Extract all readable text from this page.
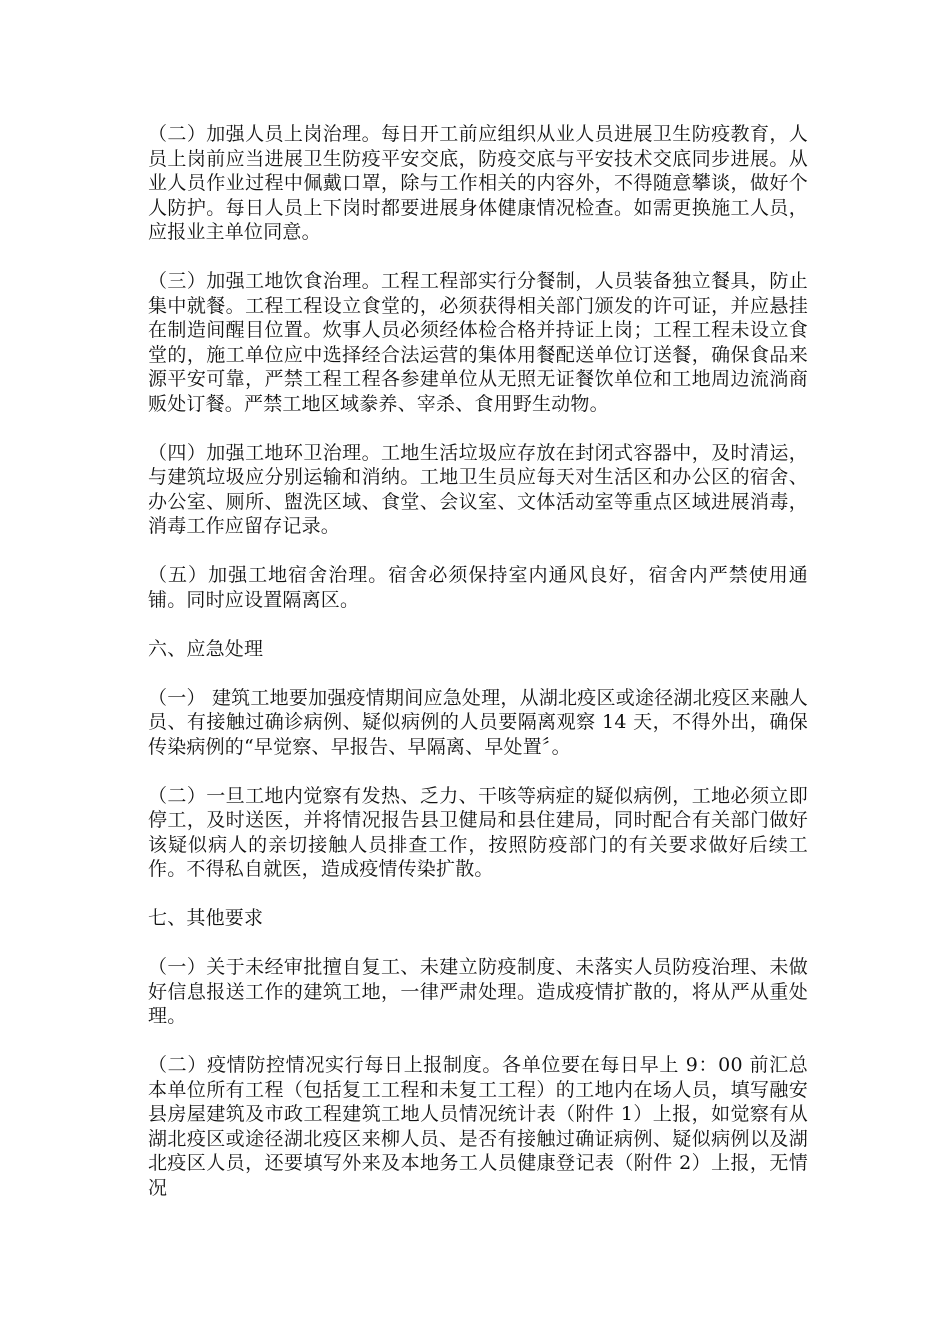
（二）加强人员上岗治理。每日开工前应组织从业人员进展卫生防疫教育，人员上岗前应当进展卫生防疫平安交底，防疫交底与平安技术交底同步进展。从业人员作业过程中佩戴口罩，除与工作相关的内容外，不得随意攀谈，做好个人防护。每日人员上下岗时都要进展身体健康情况检查。如需更换施工人员，应报业主单位同意。

（三）加强工地饮食治理。工程工程部实行分餐制，人员装备独立餐具，防止集中就餐。工程工程设立食堂的，必须获得相关部门颁发的许可证，并应悬挂在制造间醒目位置。炊事人员必须经体检合格并持证上岗；工程工程未设立食堂的，施工单位应中选择经合法运营的集体用餐配送单位订送餐，确保食品来源平安可靠，严禁工程工程各参建单位从无照无证餐饮单位和工地周边流淌商贩处订餐。严禁工地区域豢养、宰杀、食用野生动物。

（四）加强工地环卫治理。工地生活垃圾应存放在封闭式容器中，及时清运，与建筑垃圾应分别运输和消纳。工地卫生员应每天对生活区和办公区的宿舍、办公室、厕所、盥洗区域、食堂、会议室、文体活动室等重点区域进展消毒，消毒工作应留存记录。

（五）加强工地宿舍治理。宿舍必须保持室内通风良好，宿舍内严禁使用通铺。同时应设置隔离区。

六、应急处理

（一） 建筑工地要加强疫情期间应急处理，从湖北疫区或途径湖北疫区来融人员、有接触过确诊病例、疑似病例的人员要隔离观察 14 天，不得外出，确保传染病例的“早觉察、早报告、早隔离、早处置〞。

（二）一旦工地内觉察有发热、乏力、干咳等病症的疑似病例，工地必须立即停工，及时送医，并将情况报告县卫健局和县住建局，同时配合有关部门做好该疑似病人的亲切接触人员排查工作，按照防疫部门的有关要求做好后续工作。不得私自就医，造成疫情传染扩散。

七、其他要求

（一）关于未经审批擅自复工、未建立防疫制度、未落实人员防疫治理、未做好信息报送工作的建筑工地，一律严肃处理。造成疫情扩散的，将从严从重处理。

（二）疫情防控情况实行每日上报制度。各单位要在每日早上 9：00 前汇总本单位所有工程（包括复工工程和未复工工程）的工地内在场人员，填写融安县房屋建筑及市政工程建筑工地人员情况统计表（附件 1）上报，如觉察有从湖北疫区或途径湖北疫区来柳人员、是否有接触过确证病例、疑似病例以及湖北疫区人员，还要填写外来及本地务工人员健康登记表（附件 2）上报，无情况
